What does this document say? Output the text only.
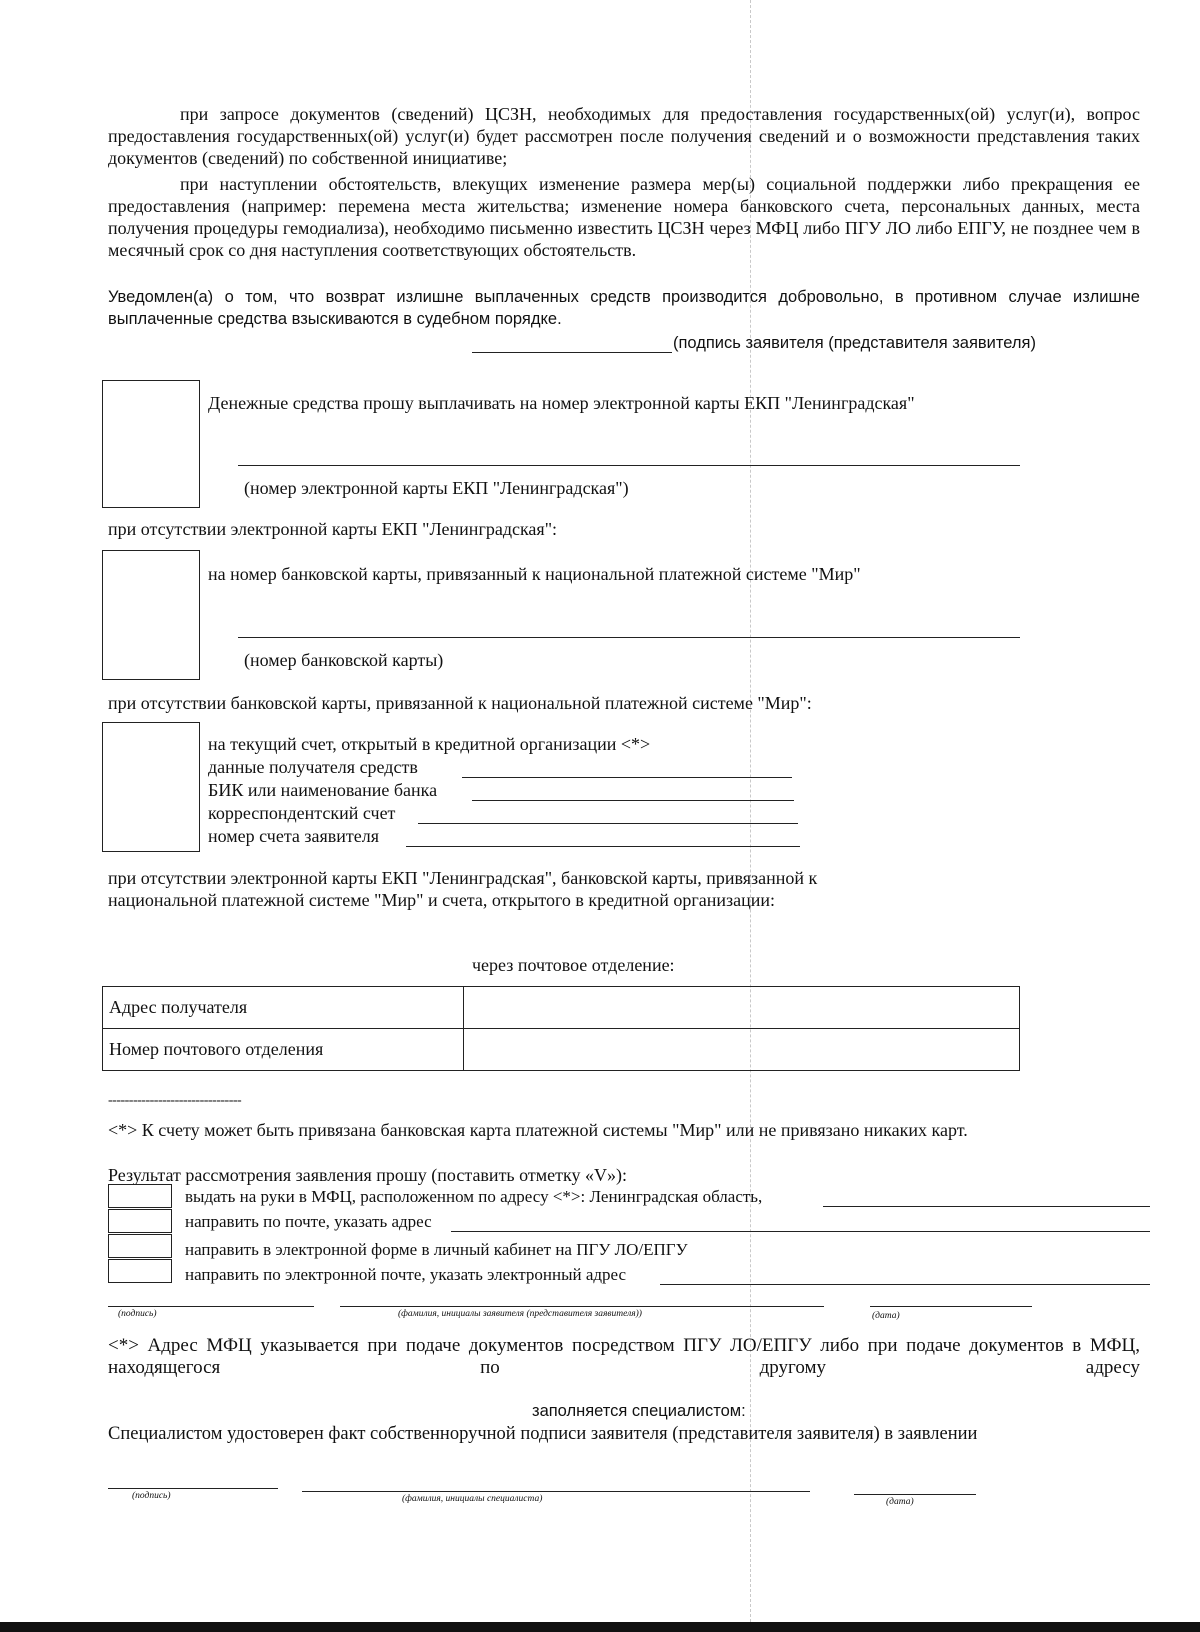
при запросе документов (сведений) ЦСЗН, необходимых для предоставления государственных(ой) услуг(и), вопрос предоставления государственных(ой) услуг(и) будет рассмотрен после получения сведений и о возможности представления таких документов (сведений) по собственной инициативе;
при наступлении обстоятельств, влекущих изменение размера мер(ы) социальной поддержки либо прекращения ее предоставления (например: перемена места жительства; изменение номера банковского счета, персональных данных, места получения процедуры гемодиализа), необходимо письменно известить ЦСЗН через МФЦ либо ПГУ ЛО либо ЕПГУ, не позднее чем в месячный срок со дня наступления соответствующих обстоятельств.
Уведомлен(а) о том, что возврат излишне выплаченных средств производится добровольно, в противном случае излишне выплаченные средства взыскиваются в судебном порядке.
(подпись заявителя (представителя заявителя)
Денежные средства прошу выплачивать на номер электронной карты ЕКП "Ленинградская"
(номер электронной карты ЕКП "Ленинградская")
при отсутствии электронной карты ЕКП "Ленинградская":
на номер банковской карты, привязанный к национальной платежной системе "Мир"
(номер банковской карты)
при отсутствии банковской карты, привязанной к национальной платежной системе "Мир":
на текущий счет, открытый в кредитной организации <*>
данные получателя средств
БИК или наименование банка
корреспондентский счет
номер счета заявителя
при отсутствии электронной карты ЕКП "Ленинградская", банковской карты, привязанной к
национальной платежной системе "Мир" и счета, открытого в кредитной организации:
через почтовое отделение:
Адрес получателя	
Номер почтового отделения	
--------------------------------
<*> К счету может быть привязана банковская карта платежной системы "Мир" или не привязано никаких карт.
Результат рассмотрения заявления прошу (поставить отметку «V»):
выдать на руки в МФЦ, расположенном по адресу <*>: Ленинградская область,
направить по почте, указать адрес
направить в электронной форме в личный кабинет на ПГУ ЛО/ЕПГУ
направить по электронной почте, указать электронный адрес
(подпись)	(фамилия, инициалы заявителя (представителя заявителя))	(дата)
<*> Адрес МФЦ указывается при подаче документов посредством ПГУ ЛО/ЕПГУ либо при подаче документов в МФЦ, находящегося по другому адресу
заполняется специалистом:
Специалистом удостоверен факт собственноручной подписи заявителя (представителя заявителя) в заявлении
(подпись)	(фамилия, инициалы специалиста)	(дата)
